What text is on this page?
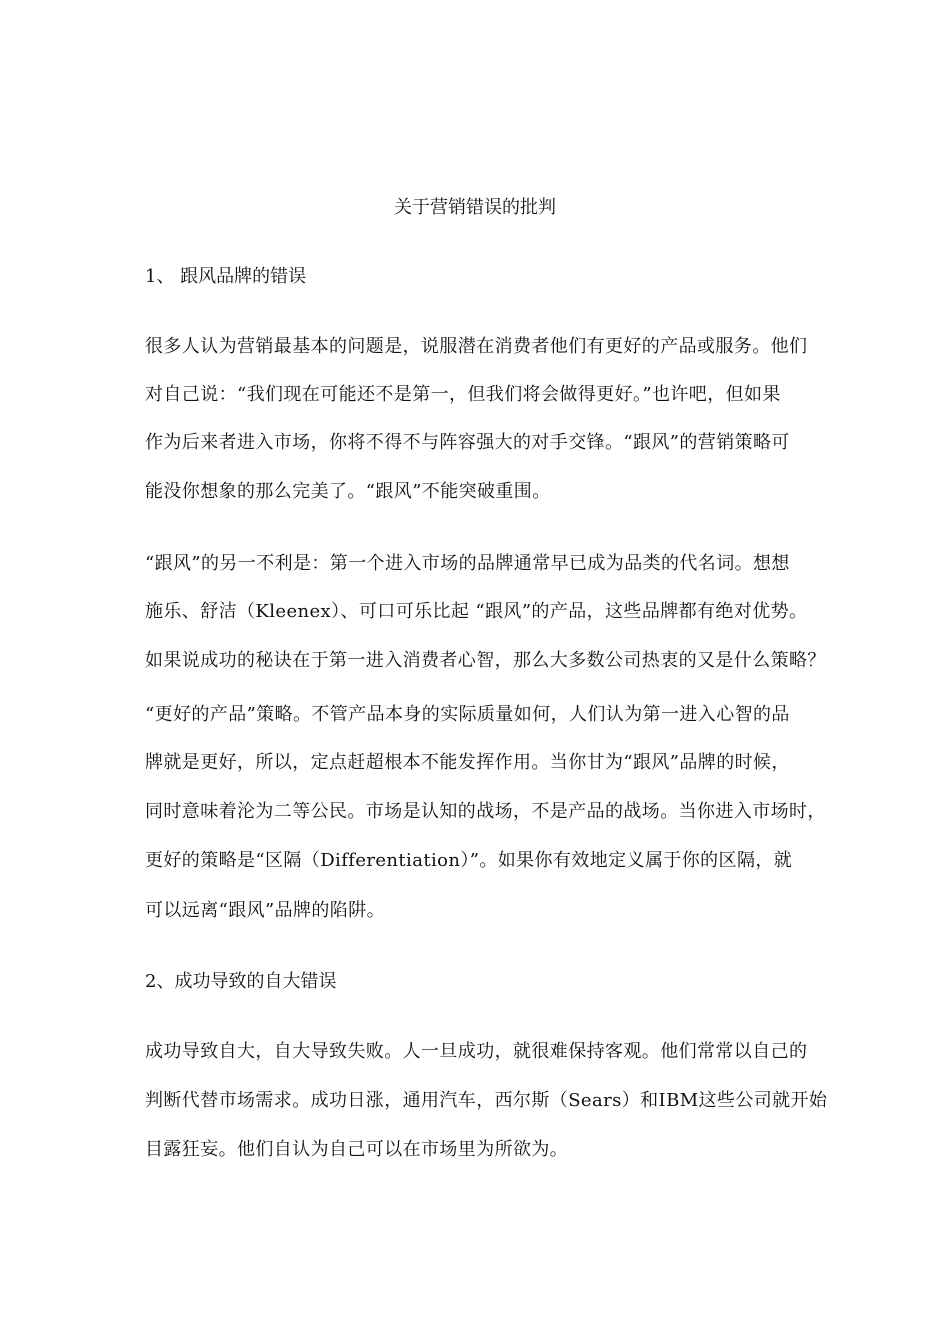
关于营销错误的批判
1、 跟风品牌的错误
很多人认为营销最基本的问题是，说服潜在消费者他们有更好的产品或服务。他们
对自己说：“我们现在可能还不是第一，但我们将会做得更好。”也许吧，但如果
作为后来者进入市场，你将不得不与阵容强大的对手交锋。“跟风”的营销策略可
能没你想象的那么完美了。“跟风”不能突破重围。
“跟风”的另一不利是：第一个进入市场的品牌通常早已成为品类的代名词。想想
施乐、舒洁（Kleenex）、可口可乐比起 “跟风”的产品，这些品牌都有绝对优势。
如果说成功的秘诀在于第一进入消费者心智，那么大多数公司热衷的又是什么策略？
“更好的产品”策略。不管产品本身的实际质量如何，人们认为第一进入心智的品
牌就是更好，所以，定点赶超根本不能发挥作用。当你甘为“跟风”品牌的时候，
同时意味着沦为二等公民。市场是认知的战场，不是产品的战场。当你进入市场时，
更好的策略是“区隔（Differentiation）”。如果你有效地定义属于你的区隔，就
可以远离“跟风”品牌的陷阱。
2、成功导致的自大错误
成功导致自大，自大导致失败。人一旦成功，就很难保持客观。他们常常以自己的
判断代替市场需求。成功日涨，通用汽车，西尔斯（Sears）和IBM这些公司就开始
目露狂妄。他们自认为自己可以在市场里为所欲为。
